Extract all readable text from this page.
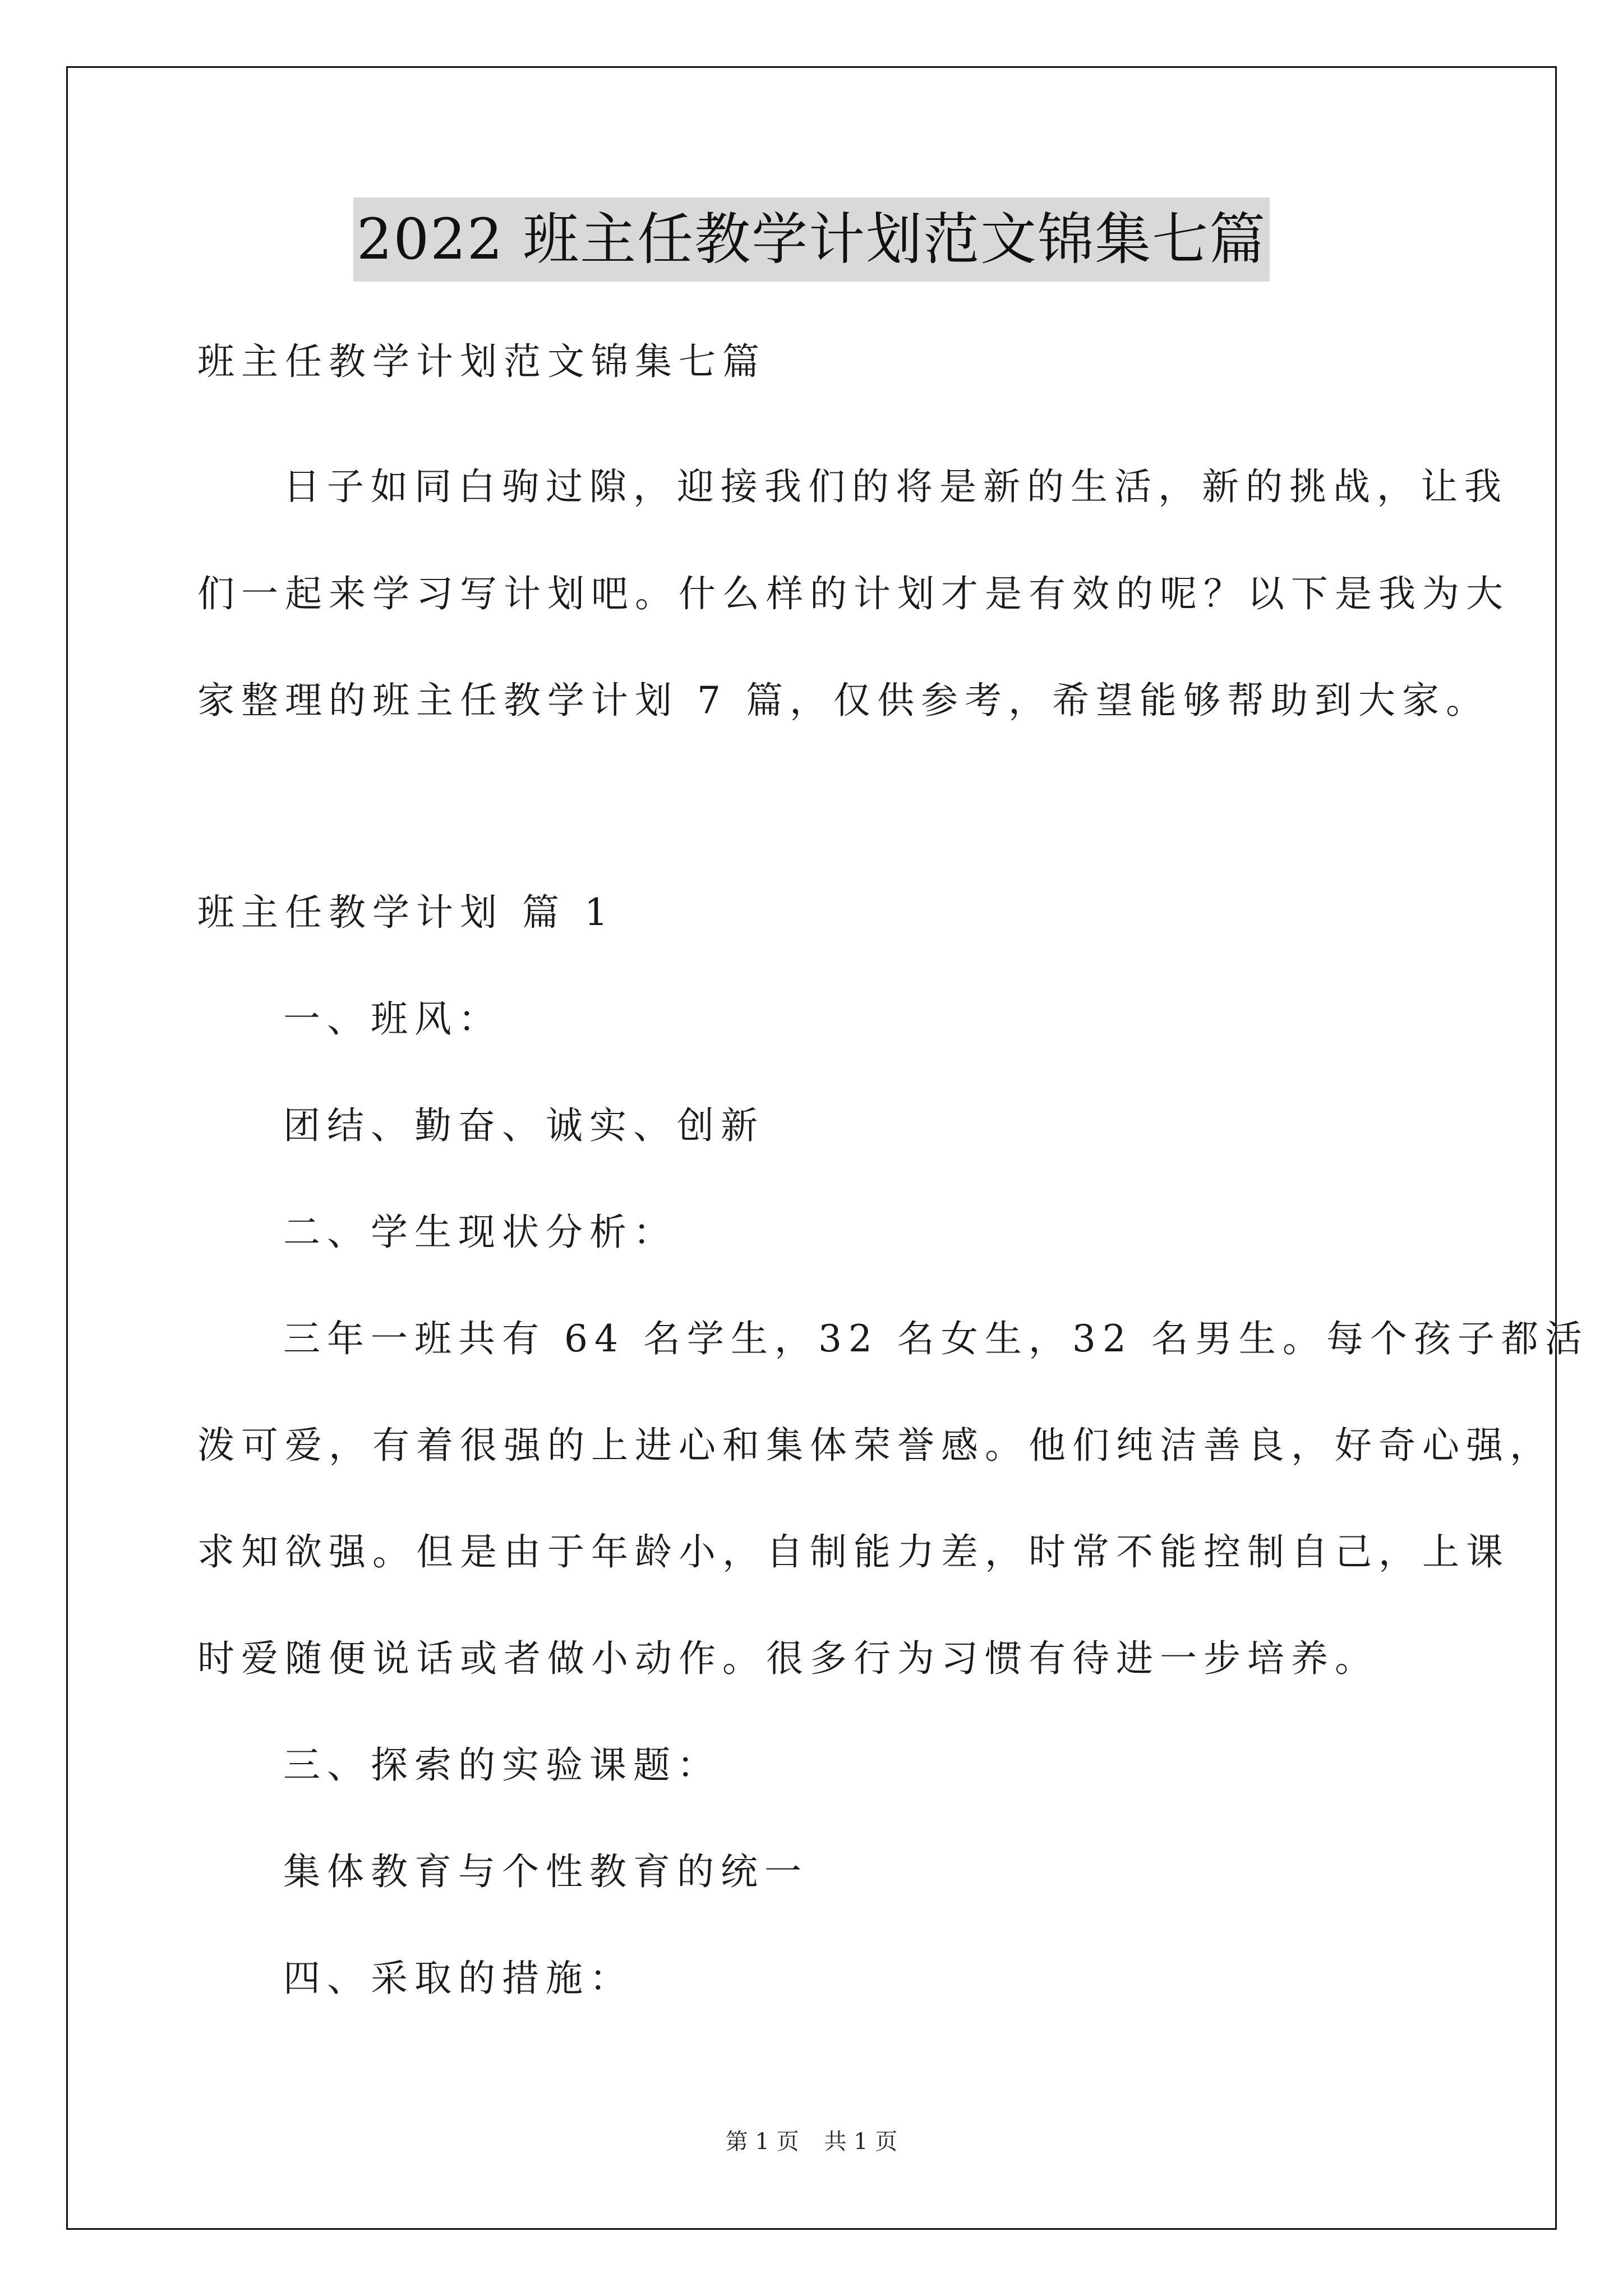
2022 班主任教学计划范文锦集七篇
班主任教学计划范文锦集七篇
日子如同白驹过隙，迎接我们的将是新的生活，新的挑战，让我
们一起来学习写计划吧。什么样的计划才是有效的呢？以下是我为大
家整理的班主任教学计划 7 篇，仅供参考，希望能够帮助到大家。
班主任教学计划 篇 1
一、班风：
团结、勤奋、诚实、创新
二、学生现状分析：
三年一班共有 64 名学生，32 名女生，32 名男生。每个孩子都活
泼可爱，有着很强的上进心和集体荣誉感。他们纯洁善良，好奇心强，
求知欲强。但是由于年龄小，自制能力差，时常不能控制自己，上课
时爱随便说话或者做小动作。很多行为习惯有待进一步培养。
三、探索的实验课题：
集体教育与个性教育的统一
四、采取的措施：
第 1 页 共 1 页
